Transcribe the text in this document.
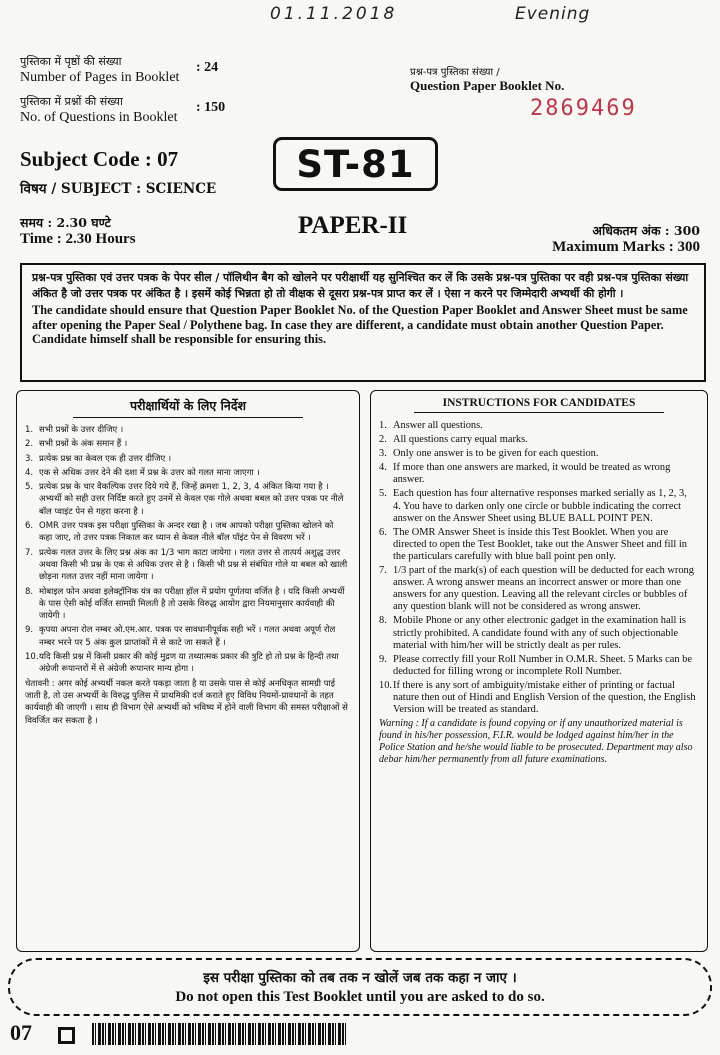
01.11.2018	Evening
पुस्तिका में पृष्ठों की संख्या
Number of Pages in Booklet
: 24
पुस्तिका में प्रश्नों की संख्या
No. of Questions in Booklet
: 150
प्रश्न-पत्र पुस्तिका संख्या /
Question Paper Booklet No.
2869469
Subject Code : 07
विषय / SUBJECT : SCIENCE
ST-81
PAPER-II
समय : 2.30 घण्टे
Time : 2.30 Hours
अधिकतम अंक : 300
Maximum Marks : 300
प्रश्न-पत्र पुस्तिका एवं उत्तर पत्रक के पेपर सील / पॉलिथीन बैग को खोलने पर परीक्षार्थी यह सुनिश्चित कर लें कि उसके प्रश्न-पत्र पुस्तिका पर वही प्रश्न-पत्र पुस्तिका संख्या अंकित है जो उत्तर पत्रक पर अंकित है । इसमें कोई भिन्नता हो तो वीक्षक से दूसरा प्रश्न-पत्र प्राप्त कर लें । ऐसा न करने पर जिम्मेदारी अभ्यर्थी की होगी ।
The candidate should ensure that Question Paper Booklet No. of the Question Paper Booklet and Answer Sheet must be same after opening the Paper Seal / Polythene bag. In case they are different, a candidate must obtain another Question Paper. Candidate himself shall be responsible for ensuring this.
परीक्षार्थियों के लिए निर्देश
1. सभी प्रश्नों के उत्तर दीजिए ।
2. सभी प्रश्नों के अंक समान हैं ।
3. प्रत्येक प्रश्न का केवल एक ही उत्तर दीजिए ।
4. एक से अधिक उत्तर देने की दशा में प्रश्न के उत्तर को गलत माना जाएगा ।
5. प्रत्येक प्रश्न के चार वैकल्पिक उत्तर दिये गये हैं, जिन्हें क्रमशः 1, 2, 3, 4 अंकित किया गया है । अभ्यर्थी को सही उत्तर निर्दिष्ट करते हुए उनमें से केवल एक गोले अथवा बबल को उत्तर पत्रक पर नीले बॉल प्वाइंट पेन से गहरा करना है ।
6. OMR उत्तर पत्रक इस परीक्षा पुस्तिका के अन्दर रखा है । जब आपको परीक्षा पुस्तिका खोलने को कहा जाए, तो उत्तर पत्रक निकाल कर ध्यान से केवल नीले बॉल पॉइंट पेन से विवरण भरें ।
7. प्रत्येक गलत उत्तर के लिए प्रश्न अंक का 1/3 भाग काटा जायेगा । गलत उत्तर से तात्पर्य अशुद्ध उत्तर अथवा किसी भी प्रश्न के एक से अधिक उत्तर से है । किसी भी प्रश्न से संबंधित गोले या बबल को खाली छोड़ना गलत उत्तर नहीं माना जायेगा ।
8. मोबाइल फोन अथवा इलेक्ट्रॉनिक यंत्र का परीक्षा हॉल में प्रयोग पूर्णतया वर्जित है । यदि किसी अभ्यर्थी के पास ऐसी कोई वर्जित सामग्री मिलती है तो उसके विरुद्ध आयोग द्वारा नियमानुसार कार्यवाही की जायेगी ।
9. कृपया अपना रोल नम्बर ओ.एम.आर. पत्रक पर सावधानीपूर्वक सही भरें । गलत अथवा अपूर्ण रोल नम्बर भरने पर 5 अंक कुल प्राप्तांकों में से काटे जा सकते हैं ।
10. यदि किसी प्रश्न में किसी प्रकार की कोई मुद्रण या तथ्यात्मक प्रकार की त्रुटि हो तो प्रश्न के हिन्दी तथा अंग्रेजी रूपान्तरों में से अंग्रेजी रूपान्तर मान्य होगा ।
चेतावनी : अगर कोई अभ्यर्थी नकल करते पकड़ा जाता है या उसके पास से कोई अनधिकृत सामग्री पाई जाती है, तो उस अभ्यर्थी के विरुद्ध पुलिस में प्राथमिकी दर्ज कराते हुए विविध नियमों-प्रावधानों के तहत कार्यवाही की जाएगी । साथ ही विभाग ऐसे अभ्यर्थी को भविष्य में होने वाली विभाग की समस्त परीक्षाओं से विवर्जित कर सकता है ।
INSTRUCTIONS FOR CANDIDATES
1. Answer all questions.
2. All questions carry equal marks.
3. Only one answer is to be given for each question.
4. If more than one answers are marked, it would be treated as wrong answer.
5. Each question has four alternative responses marked serially as 1, 2, 3, 4. You have to darken only one circle or bubble indicating the correct answer on the Answer Sheet using BLUE BALL POINT PEN.
6. The OMR Answer Sheet is inside this Test Booklet. When you are directed to open the Test Booklet, take out the Answer Sheet and fill in the particulars carefully with blue ball point pen only.
7. 1/3 part of the mark(s) of each question will be deducted for each wrong answer. A wrong answer means an incorrect answer or more than one answers for any question. Leaving all the relevant circles or bubbles of any question blank will not be considered as wrong answer.
8. Mobile Phone or any other electronic gadget in the examination hall is strictly prohibited. A candidate found with any of such objectionable material with him/her will be strictly dealt as per rules.
9. Please correctly fill your Roll Number in O.M.R. Sheet. 5 Marks can be deducted for filling wrong or incomplete Roll Number.
10. If there is any sort of ambiguity/mistake either of printing or factual nature then out of Hindi and English Version of the question, the English Version will be treated as standard.
Warning : If a candidate is found copying or if any unauthorized material is found in his/her possession, F.I.R. would be lodged against him/her in the Police Station and he/she would liable to be prosecuted. Department may also debar him/her permanently from all future examinations.
इस परीक्षा पुस्तिका को तब तक न खोलें जब तक कहा न जाए ।
Do not open this Test Booklet until you are asked to do so.
07
